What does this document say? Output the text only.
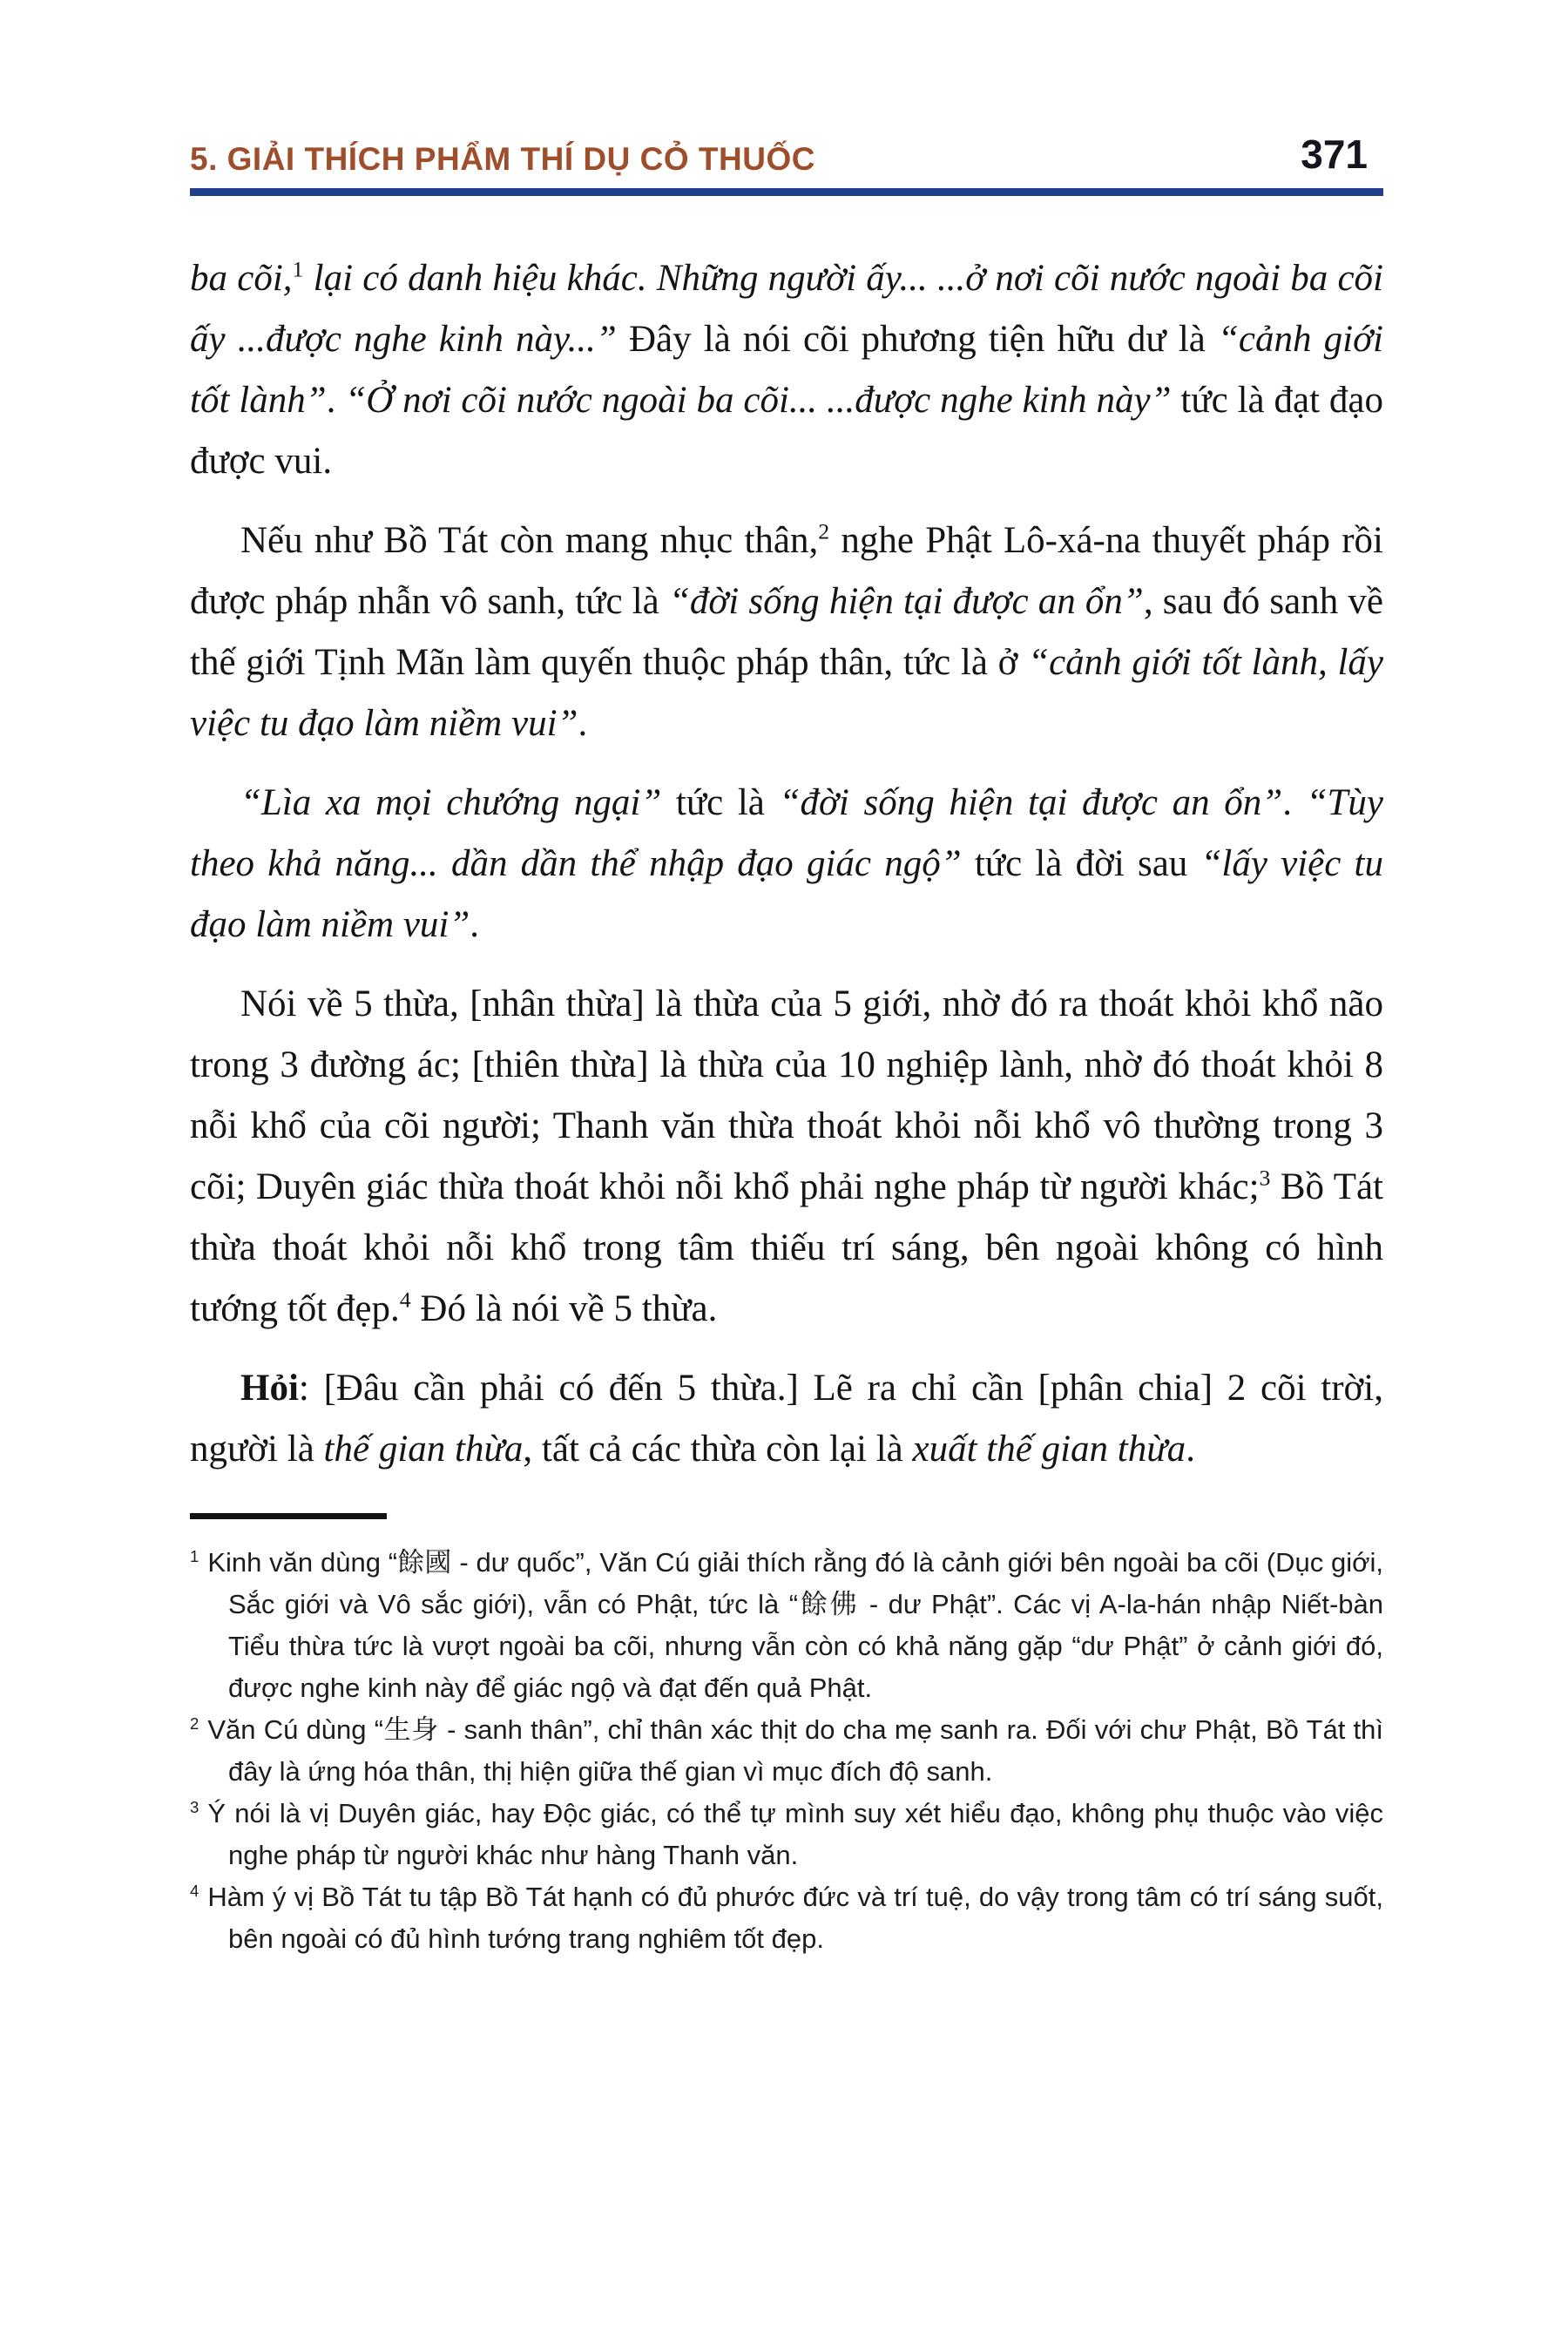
5. GIẢI THÍCH PHẨM THÍ DỤ CỎ THUỐC	371

ba cõi,$^1$ lại có danh hiệu khác. Những người ấy... ...ở nơi cõi nước ngoài ba cõi ấy ...được nghe kinh này...” Đây là nói cõi phương tiện hữu dư là “cảnh giới tốt lành”. “Ở nơi cõi nước ngoài ba cõi... ...được nghe kinh này” tức là đạt đạo được vui.

Nếu như Bồ Tát còn mang nhục thân,$^2$ nghe Phật Lô-xá-na thuyết pháp rồi được pháp nhẫn vô sanh, tức là “đời sống hiện tại được an ổn”, sau đó sanh về thế giới Tịnh Mãn làm quyến thuộc pháp thân, tức là ở “cảnh giới tốt lành, lấy việc tu đạo làm niềm vui”.

“Lìa xa mọi chướng ngại” tức là “đời sống hiện tại được an ổn”. “Tùy theo khả năng... dần dần thể nhập đạo giác ngộ” tức là đời sau “lấy việc tu đạo làm niềm vui”.

Nói về 5 thừa, [nhân thừa] là thừa của 5 giới, nhờ đó ra thoát khỏi khổ não trong 3 đường ác; [thiên thừa] là thừa của 10 nghiệp lành, nhờ đó thoát khỏi 8 nỗi khổ của cõi người; Thanh văn thừa thoát khỏi nỗi khổ vô thường trong 3 cõi; Duyên giác thừa thoát khỏi nỗi khổ phải nghe pháp từ người khác;$^3$ Bồ Tát thừa thoát khỏi nỗi khổ trong tâm thiếu trí sáng, bên ngoài không có hình tướng tốt đẹp.$^4$ Đó là nói về 5 thừa.

Hỏi: [Đâu cần phải có đến 5 thừa.] Lẽ ra chỉ cần [phân chia] 2 cõi trời, người là thế gian thừa, tất cả các thừa còn lại là xuất thế gian thừa.

$^1$ Kinh văn dùng “餘國 - dư quốc”, Văn Cú giải thích rằng đó là cảnh giới bên ngoài ba cõi (Dục giới, Sắc giới và Vô sắc giới), vẫn có Phật, tức là “餘佛 - dư Phật”. Các vị A-la-hán nhập Niết-bàn Tiểu thừa tức là vượt ngoài ba cõi, nhưng vẫn còn có khả năng gặp “dư Phật” ở cảnh giới đó, được nghe kinh này để giác ngộ và đạt đến quả Phật.
$^2$ Văn Cú dùng “生身 - sanh thân”, chỉ thân xác thịt do cha mẹ sanh ra. Đối với chư Phật, Bồ Tát thì đây là ứng hóa thân, thị hiện giữa thế gian vì mục đích độ sanh.
$^3$ Ý nói là vị Duyên giác, hay Độc giác, có thể tự mình suy xét hiểu đạo, không phụ thuộc vào việc nghe pháp từ người khác như hàng Thanh văn.
$^4$ Hàm ý vị Bồ Tát tu tập Bồ Tát hạnh có đủ phước đức và trí tuệ, do vậy trong tâm có trí sáng suốt, bên ngoài có đủ hình tướng trang nghiêm tốt đẹp.
